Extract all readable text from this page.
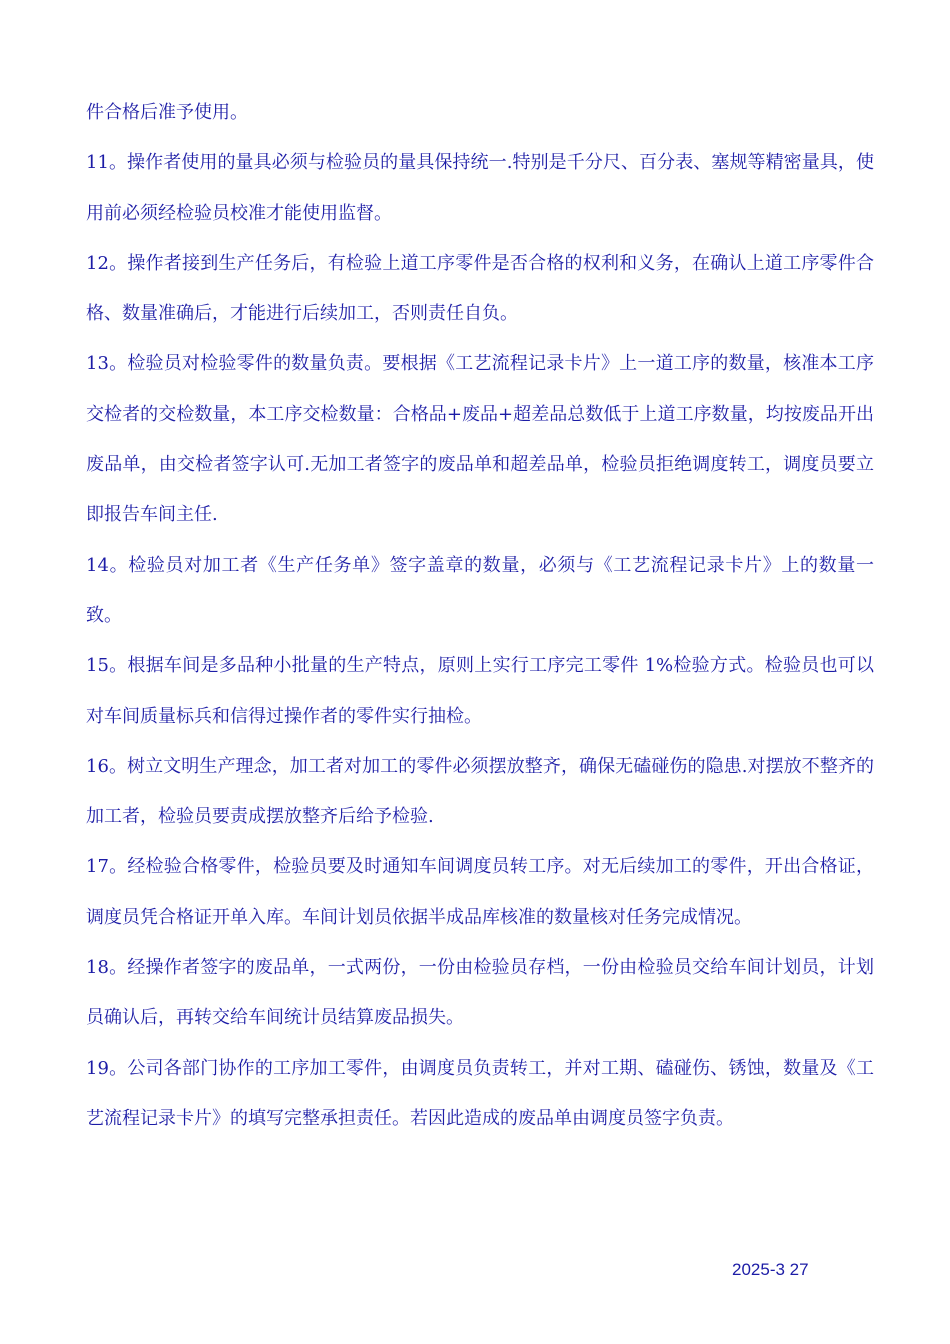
件合格后准予使用。

11。操作者使用的量具必须与检验员的量具保持统一.特别是千分尺、百分表、塞规等精密量具，使用前必须经检验员校准才能使用监督。

12。操作者接到生产任务后，有检验上道工序零件是否合格的权利和义务，在确认上道工序零件合格、数量准确后，才能进行后续加工，否则责任自负。

13。检验员对检验零件的数量负责。要根据《工艺流程记录卡片》上一道工序的数量，核准本工序交检者的交检数量，本工序交检数量：合格品+废品+超差品总数低于上道工序数量，均按废品开出废品单，由交检者签字认可.无加工者签字的废品单和超差品单，检验员拒绝调度转工，调度员要立即报告车间主任.

14。检验员对加工者《生产任务单》签字盖章的数量，必须与《工艺流程记录卡片》上的数量一致。

15。根据车间是多品种小批量的生产特点，原则上实行工序完工零件 1%检验方式。检验员也可以对车间质量标兵和信得过操作者的零件实行抽检。

16。树立文明生产理念，加工者对加工的零件必须摆放整齐，确保无磕碰伤的隐患.对摆放不整齐的加工者，检验员要责成摆放整齐后给予检验.

17。经检验合格零件，检验员要及时通知车间调度员转工序。对无后续加工的零件，开出合格证，调度员凭合格证开单入库。车间计划员依据半成品库核准的数量核对任务完成情况。

18。经操作者签字的废品单，一式两份，一份由检验员存档，一份由检验员交给车间计划员，计划员确认后，再转交给车间统计员结算废品损失。

19。公司各部门协作的工序加工零件，由调度员负责转工，并对工期、磕碰伤、锈蚀，数量及《工艺流程记录卡片》的填写完整承担责任。若因此造成的废品单由调度员签字负责。

2025-3 27
